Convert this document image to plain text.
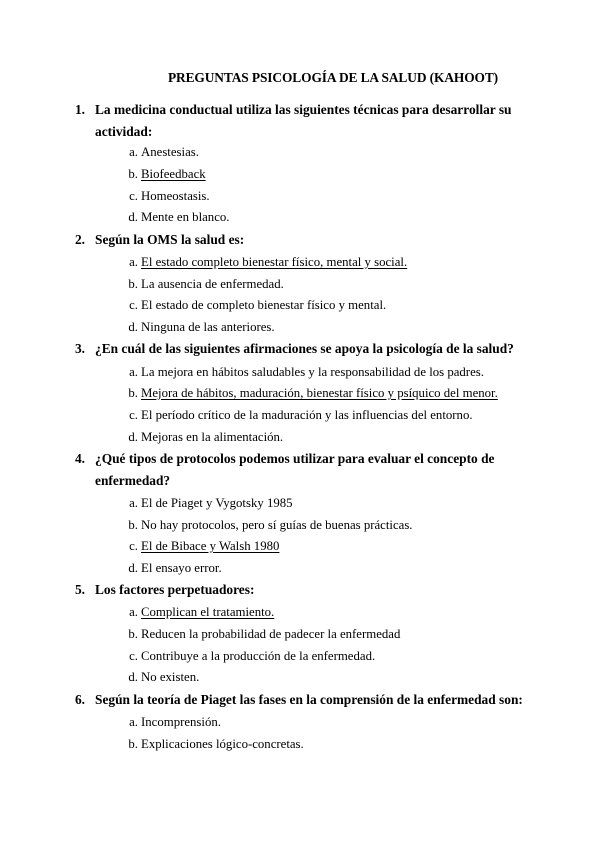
PREGUNTAS PSICOLOGÍA DE LA SALUD (KAHOOT)
1. La medicina conductual utiliza las siguientes técnicas para desarrollar su actividad:
a. Anestesias.
b. Biofeedback
c. Homeostasis.
d. Mente en blanco.
2. Según la OMS la salud es:
a. El estado completo bienestar físico, mental y social.
b. La ausencia de enfermedad.
c. El estado de completo bienestar físico y mental.
d. Ninguna de las anteriores.
3. ¿En cuál de las siguientes afirmaciones se apoya la psicología de la salud?
a. La mejora en hábitos saludables y la responsabilidad de los padres.
b. Mejora de hábitos, maduración, bienestar físico y psíquico del menor.
c. El período crítico de la maduración y las influencias del entorno.
d. Mejoras en la alimentación.
4. ¿Qué tipos de protocolos podemos utilizar para evaluar el concepto de enfermedad?
a. El de Piaget y Vygotsky 1985
b. No hay protocolos, pero sí guías de buenas prácticas.
c. El de Bibace y Walsh 1980
d. El ensayo error.
5. Los factores perpetuadores:
a. Complican el tratamiento.
b. Reducen la probabilidad de padecer la enfermedad
c. Contribuye a la producción de la enfermedad.
d. No existen.
6. Según la teoría de Piaget las fases en la comprensión de la enfermedad son:
a. Incomprensión.
b. Explicaciones lógico-concretas.
